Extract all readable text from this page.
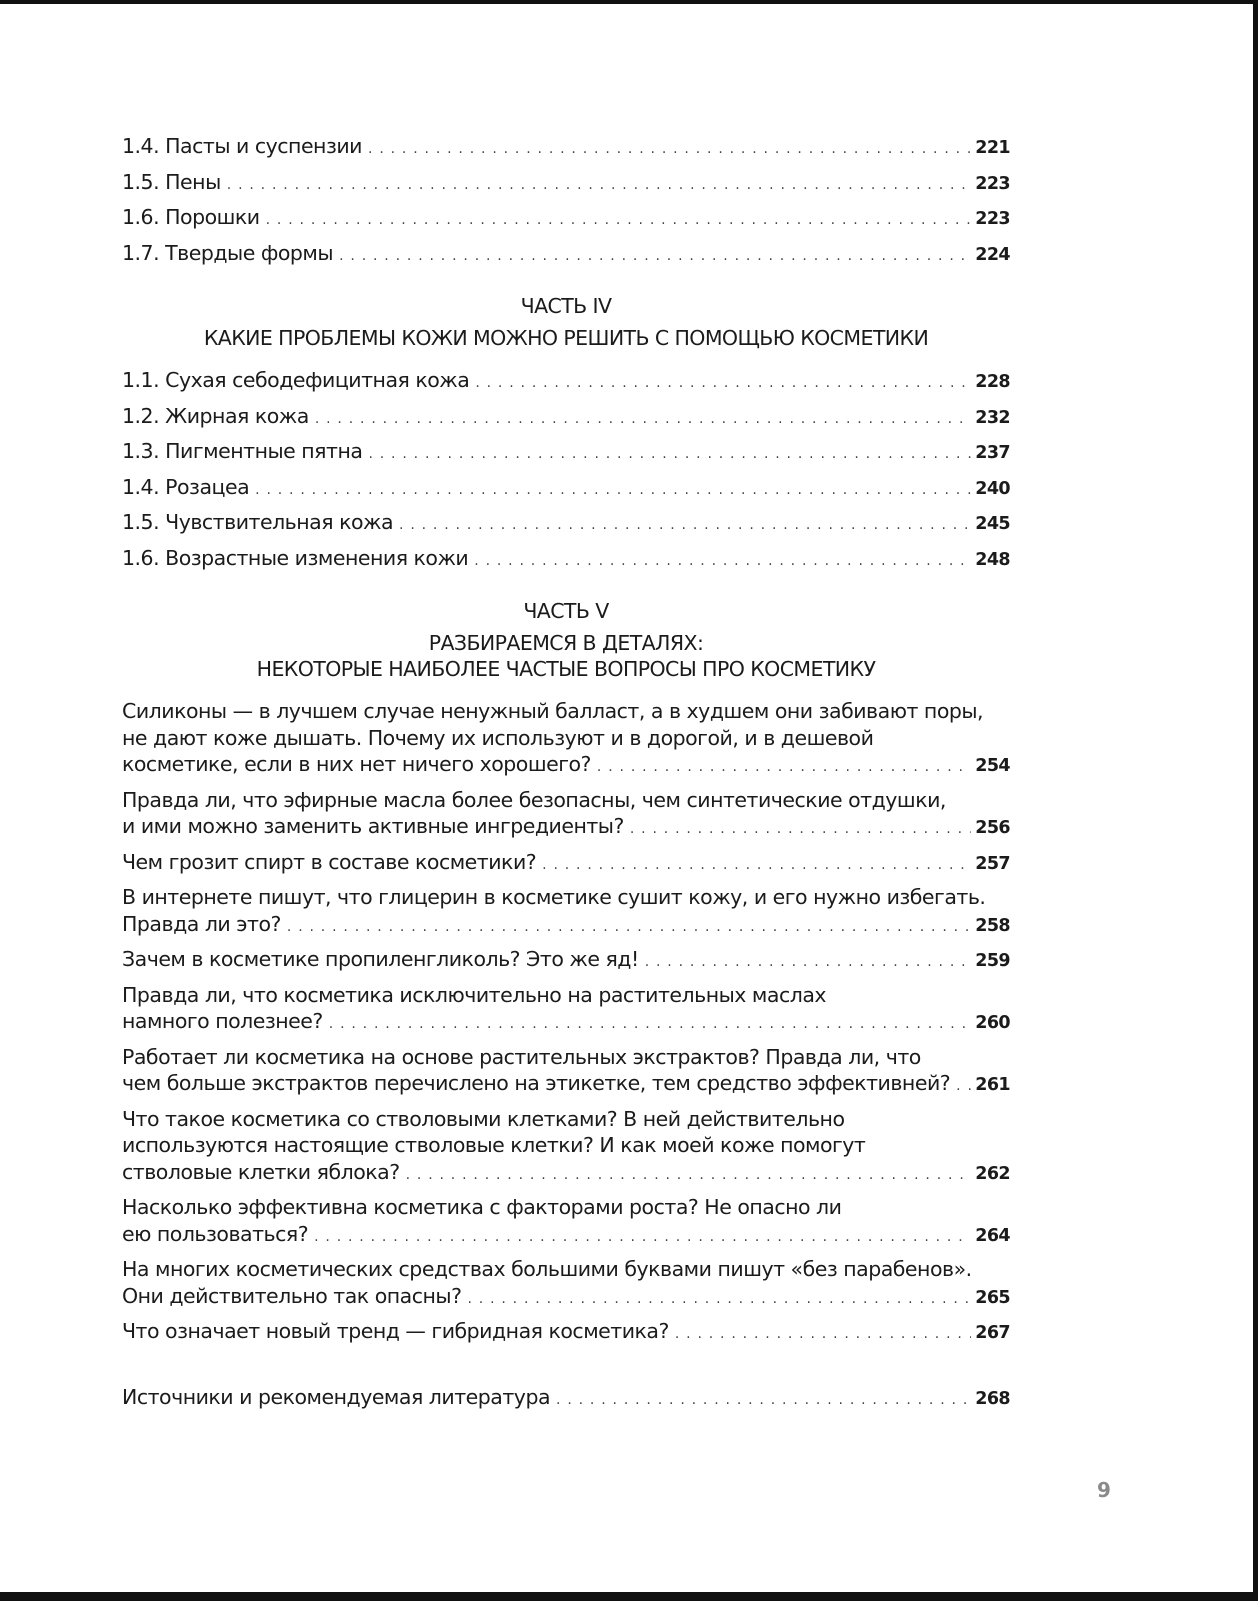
1.4. Пасты и суспензии . . .	221
1.5. Пены . . .	223
1.6. Порошки . . .	223
1.7. Твердые формы . . .	224
ЧАСТЬ IV
КАКИЕ ПРОБЛЕМЫ КОЖИ МОЖНО РЕШИТЬ С ПОМОЩЬЮ КОСМЕТИКИ
1.1. Сухая себодефицитная кожа . . .	228
1.2. Жирная кожа . . .	232
1.3. Пигментные пятна . . .	237
1.4. Розацеа . . .	240
1.5. Чувствительная кожа . . .	245
1.6. Возрастные изменения кожи . . .	248
ЧАСТЬ V
РАЗБИРАЕМСЯ В ДЕТАЛЯХ:
НЕКОТОРЫЕ НАИБОЛЕЕ ЧАСТЫЕ ВОПРОСЫ ПРО КОСМЕТИКУ
Силиконы — в лучшем случае ненужный балласт, а в худшем они забивают поры,
не дают коже дышать. Почему их используют и в дорогой, и в дешевой
косметике, если в них нет ничего хорошего? . . .	254
Правда ли, что эфирные масла более безопасны, чем синтетические отдушки,
и ими можно заменить активные ингредиенты? . . .	256
Чем грозит спирт в составе косметики? . . .	257
В интернете пишут, что глицерин в косметике сушит кожу, и его нужно избегать.
Правда ли это? . . .	258
Зачем в косметике пропиленгликоль? Это же яд! . . .	259
Правда ли, что косметика исключительно на растительных маслах
намного полезнее? . . .	260
Работает ли косметика на основе растительных экстрактов? Правда ли, что
чем больше экстрактов перечислено на этикетке, тем средство эффективней? . . . 261
Что такое косметика со стволовыми клетками? В ней действительно
используются настоящие стволовые клетки? И как моей коже помогут
стволовые клетки яблока? . . .	262
Насколько эффективна косметика с факторами роста? Не опасно ли
ею пользоваться? . . .	264
На многих косметических средствах большими буквами пишут «без парабенов».
Они действительно так опасны? . . .	265
Что означает новый тренд — гибридная косметика? . . .	267
Источники и рекомендуемая литература . . .	268
9
